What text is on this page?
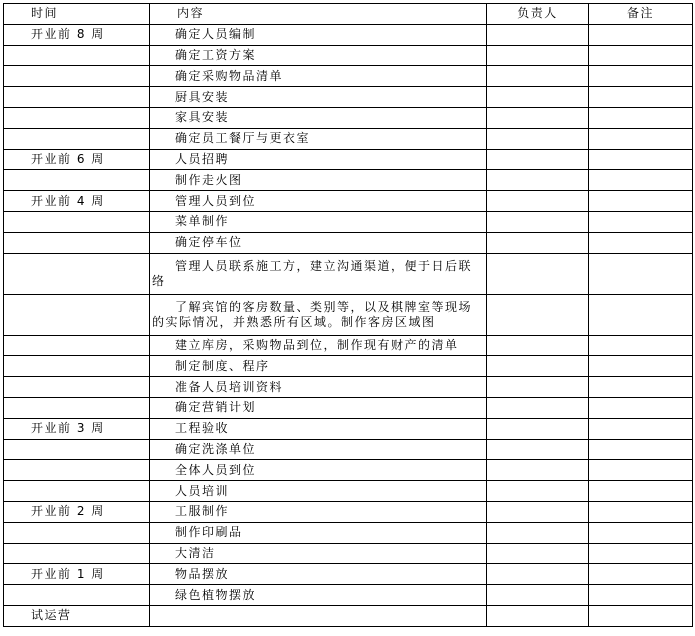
时间	内容	负责人	备注
开业前 8 周	确定人员编制		
	确定工资方案		
	确定采购物品清单		
	厨具安装		
	家具安装		
	确定员工餐厅与更衣室		
开业前 6 周	人员招聘		
	制作走火图		
开业前 4 周	管理人员到位		
	菜单制作		
	确定停车位		
	管理人员联系施工方，建立沟通渠道，便于日后联络		
	了解宾馆的客房数量、类别等，以及棋牌室等现场的实际情况，并熟悉所有区域。制作客房区域图		
	建立库房，采购物品到位，制作现有财产的清单		
	制定制度、程序		
	准备人员培训资料		
	确定营销计划		
开业前 3 周	工程验收		
	确定洗涤单位		
	全体人员到位		
	人员培训		
开业前 2 周	工服制作		
	制作印刷品		
	大清洁		
开业前 1 周	物品摆放		
	绿色植物摆放		
试运营			
